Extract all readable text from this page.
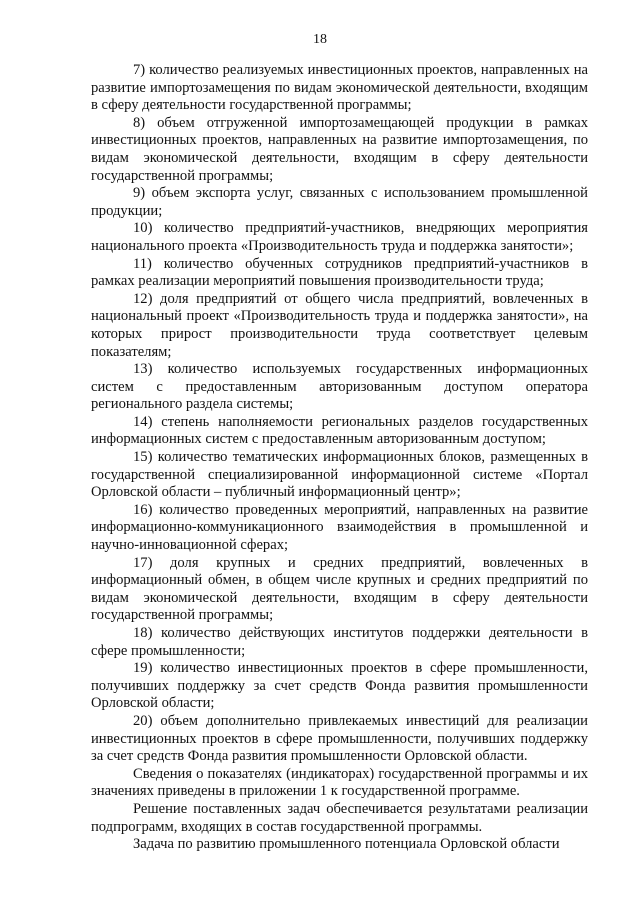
18

7) количество реализуемых инвестиционных проектов, направленных на развитие импортозамещения по видам экономической деятельности, входящим в сферу деятельности государственной программы;

8) объем отгруженной импортозамещающей продукции в рамках инвестиционных проектов, направленных на развитие импортозамещения, по видам экономической деятельности, входящим в сферу деятельности государственной программы;

9) объем экспорта услуг, связанных с использованием промышленной продукции;

10) количество предприятий-участников, внедряющих мероприятия национального проекта «Производительность труда и поддержка занятости»;

11) количество обученных сотрудников предприятий-участников в рамках реализации мероприятий повышения производительности труда;

12) доля предприятий от общего числа предприятий, вовлеченных в национальный проект «Производительность труда и поддержка занятости», на которых прирост производительности труда соответствует целевым показателям;

13) количество используемых государственных информационных систем с предоставленным авторизованным доступом оператора регионального раздела системы;

14) степень наполняемости региональных разделов государственных информационных систем с предоставленным авторизованным доступом;

15) количество тематических информационных блоков, размещенных в государственной специализированной информационной системе «Портал Орловской области – публичный информационный центр»;

16) количество проведенных мероприятий, направленных на развитие информационно-коммуникационного взаимодействия в промышленной и научно-инновационной сферах;

17) доля крупных и средних предприятий, вовлеченных в информационный обмен, в общем числе крупных и средних предприятий по видам экономической деятельности, входящим в сферу деятельности государственной программы;

18) количество действующих институтов поддержки деятельности в сфере промышленности;

19) количество инвестиционных проектов в сфере промышленности, получивших поддержку за счет средств Фонда развития промышленности Орловской области;

20) объем дополнительно привлекаемых инвестиций для реализации инвестиционных проектов в сфере промышленности, получивших поддержку за счет средств Фонда развития промышленности Орловской области.

Сведения о показателях (индикаторах) государственной программы и их значениях приведены в приложении 1 к государственной программе.

Решение поставленных задач обеспечивается результатами реализации подпрограмм, входящих в состав государственной программы.

Задача по развитию промышленного потенциала Орловской области
